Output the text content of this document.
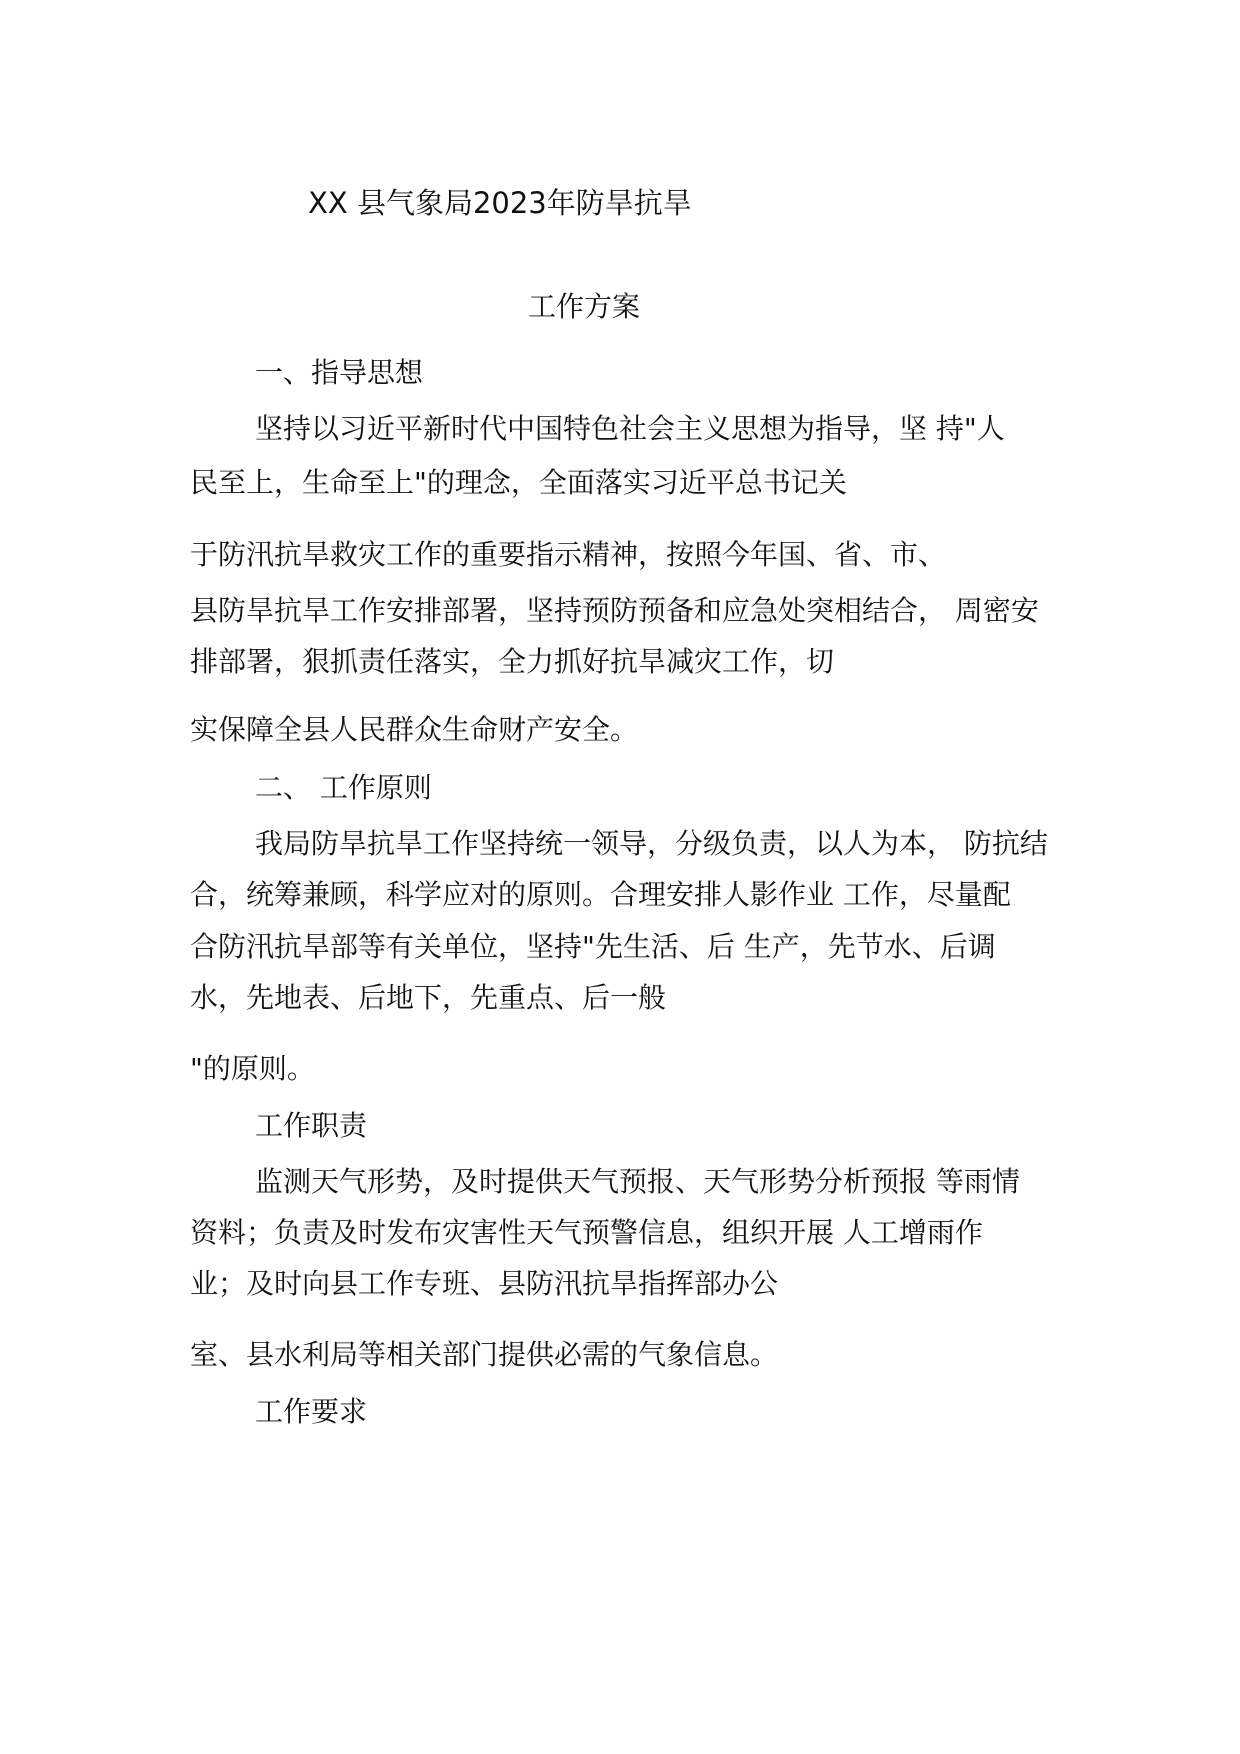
XX 县气象局2023年防旱抗旱
工作方案
一、指导思想
坚持以习近平新时代中国特色社会主义思想为指导，坚 持"人
民至上，生命至上"的理念，全面落实习近平总书记关
于防汛抗旱救灾工作的重要指示精神，按照今年国、省、市、
县防旱抗旱工作安排部署，坚持预防预备和应急处突相结合， 周密安
排部署，狠抓责任落实，全力抓好抗旱减灾工作，切
实保障全县人民群众生命财产安全。
二、 工作原则
我局防旱抗旱工作坚持统一领导，分级负责，以人为本， 防抗结
合，统筹兼顾，科学应对的原则。合理安排人影作业 工作，尽量配
合防汛抗旱部等有关单位，坚持"先生活、后 生产，先节水、后调
水，先地表、后地下，先重点、后一般
"的原则。
工作职责
监测天气形势，及时提供天气预报、天气形势分析预报 等雨情
资料；负责及时发布灾害性天气预警信息，组织开展 人工增雨作
业；及时向县工作专班、县防汛抗旱指挥部办公
室、县水利局等相关部门提供必需的气象信息。
工作要求
